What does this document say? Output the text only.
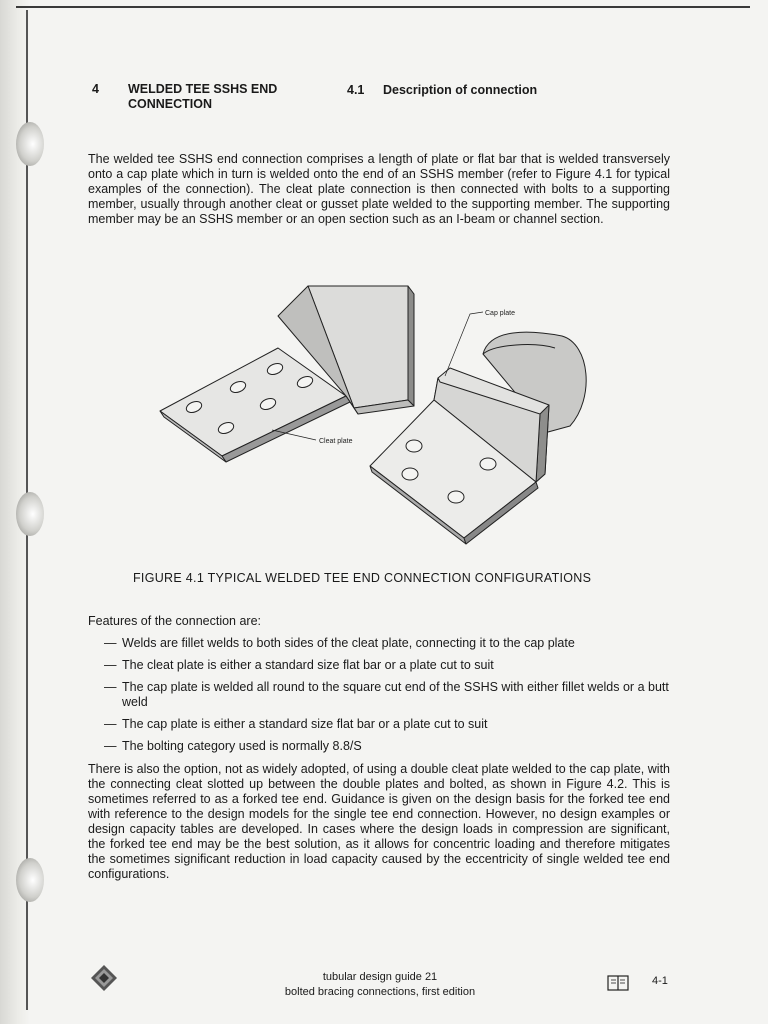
4 WELDED TEE SSHS END CONNECTION
4.1 Description of connection
The welded tee SSHS end connection comprises a length of plate or flat bar that is welded transversely onto a cap plate which in turn is welded onto the end of an SSHS member (refer to Figure 4.1 for typical examples of the connection). The cleat plate connection is then connected with bolts to a supporting member, usually through another cleat or gusset plate welded to the supporting member. The supporting member may be an SSHS member or an open section such as an I-beam or channel section.
Cleat plate
Cap plate
FIGURE 4.1 TYPICAL WELDED TEE END CONNECTION CONFIGURATIONS
Features of the connection are:
— Welds are fillet welds to both sides of the cleat plate, connecting it to the cap plate
— The cleat plate is either a standard size flat bar or a plate cut to suit
— The cap plate is welded all round to the square cut end of the SSHS with either fillet welds or a butt weld
— The cap plate is either a standard size flat bar or a plate cut to suit
— The bolting category used is normally 8.8/S
There is also the option, not as widely adopted, of using a double cleat plate welded to the cap plate, with the connecting cleat slotted up between the double plates and bolted, as shown in Figure 4.2. This is sometimes referred to as a forked tee end. Guidance is given on the design basis for the forked tee end with reference to the design models for the single tee end connection. However, no design examples or design capacity tables are developed. In cases where the design loads in compression are significant, the forked tee end may be the best solution, as it allows for concentric loading and therefore mitigates the sometimes significant reduction in load capacity caused by the eccentricity of single welded tee end configurations.
tubular design guide 21
bolted bracing connections, first edition
4-1
